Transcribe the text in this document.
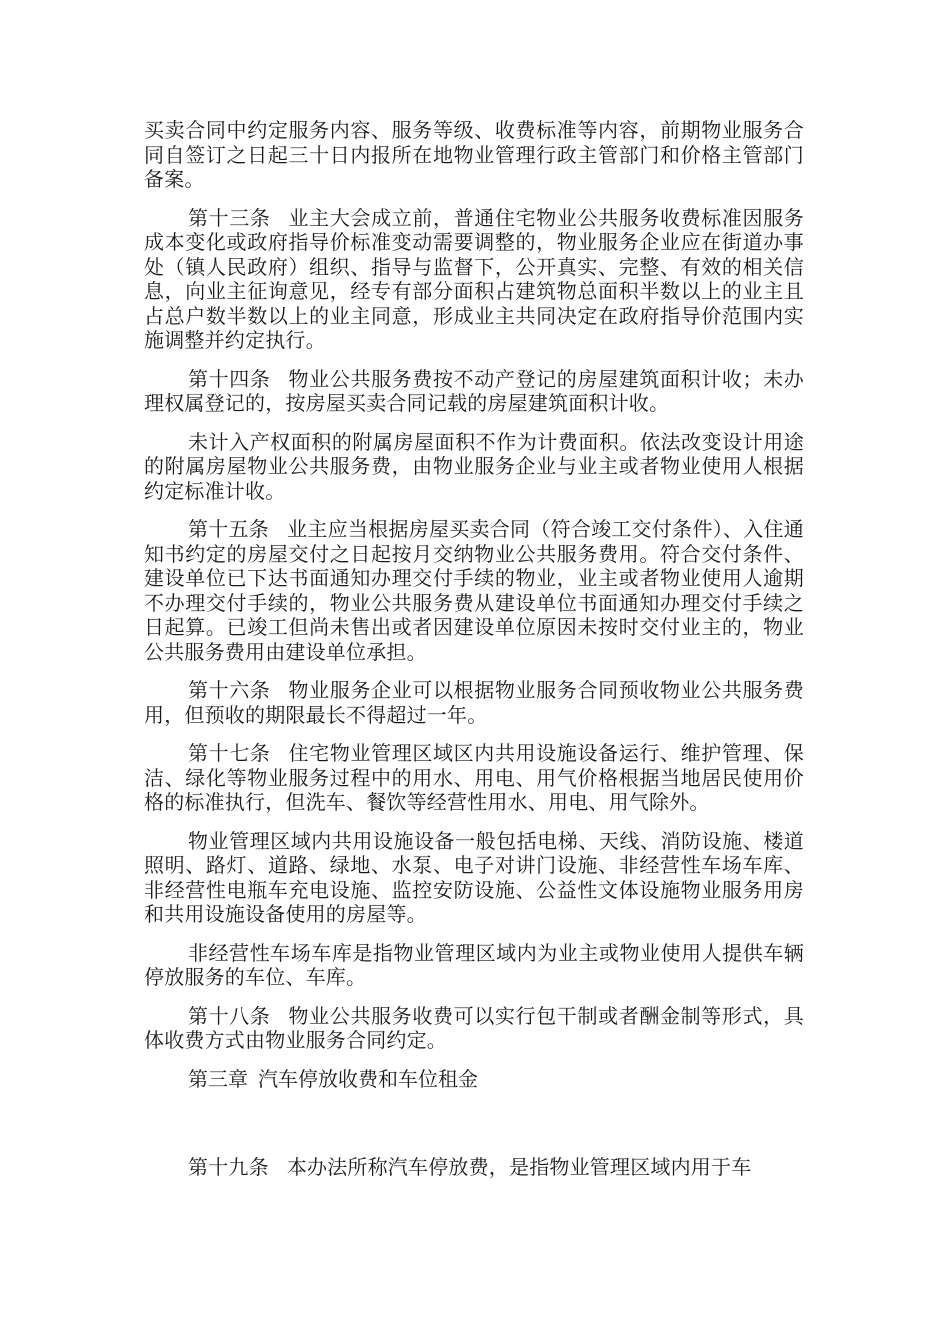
买卖合同中约定服务内容、服务等级、收费标准等内容，前期物业服务合同自签订之日起三十日内报所在地物业管理行政主管部门和价格主管部门备案。

第十三条 业主大会成立前，普通住宅物业公共服务收费标准因服务成本变化或政府指导价标准变动需要调整的，物业服务企业应在街道办事处（镇人民政府）组织、指导与监督下，公开真实、完整、有效的相关信息，向业主征询意见，经专有部分面积占建筑物总面积半数以上的业主且占总户数半数以上的业主同意，形成业主共同决定在政府指导价范围内实施调整并约定执行。

第十四条 物业公共服务费按不动产登记的房屋建筑面积计收；未办理权属登记的，按房屋买卖合同记载的房屋建筑面积计收。

未计入产权面积的附属房屋面积不作为计费面积。依法改变设计用途的附属房屋物业公共服务费，由物业服务企业与业主或者物业使用人根据约定标准计收。

第十五条 业主应当根据房屋买卖合同（符合竣工交付条件）、入住通知书约定的房屋交付之日起按月交纳物业公共服务费用。符合交付条件、建设单位已下达书面通知办理交付手续的物业，业主或者物业使用人逾期不办理交付手续的，物业公共服务费从建设单位书面通知办理交付手续之日起算。已竣工但尚未售出或者因建设单位原因未按时交付业主的，物业公共服务费用由建设单位承担。

第十六条 物业服务企业可以根据物业服务合同预收物业公共服务费用，但预收的期限最长不得超过一年。

第十七条 住宅物业管理区域区内共用设施设备运行、维护管理、保洁、绿化等物业服务过程中的用水、用电、用气价格根据当地居民使用价格的标准执行，但洗车、餐饮等经营性用水、用电、用气除外。

物业管理区域内共用设施设备一般包括电梯、天线、消防设施、楼道照明、路灯、道路、绿地、水泵、电子对讲门设施、非经营性车场车库、非经营性电瓶车充电设施、监控安防设施、公益性文体设施物业服务用房和共用设施设备使用的房屋等。

非经营性车场车库是指物业管理区域内为业主或物业使用人提供车辆停放服务的车位、车库。

第十八条 物业公共服务收费可以实行包干制或者酬金制等形式，具体收费方式由物业服务合同约定。

第三章 汽车停放收费和车位租金

第十九条 本办法所称汽车停放费，是指物业管理区域内用于车
